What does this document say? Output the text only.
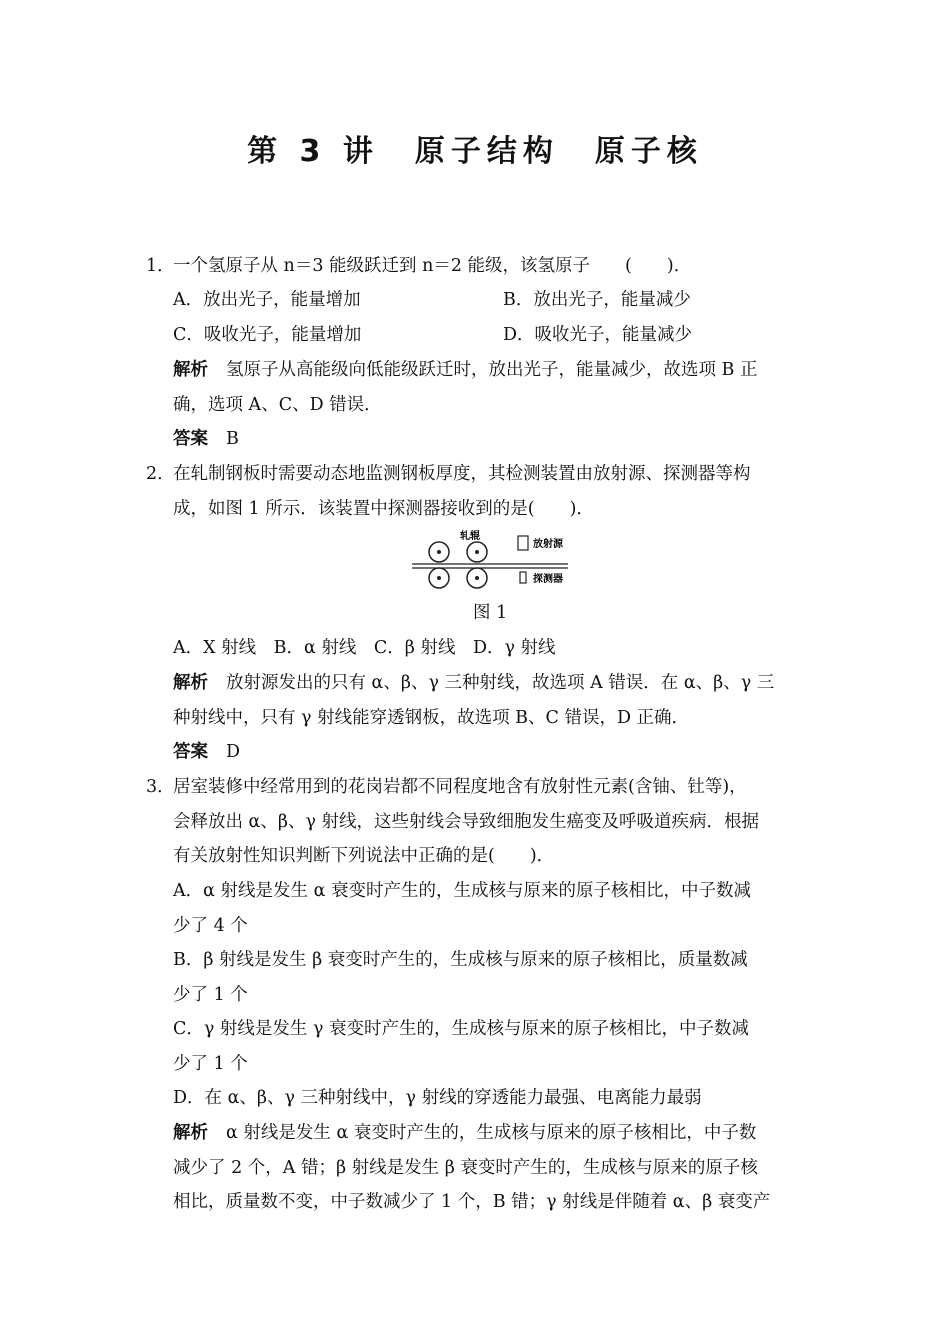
第 3 讲　原子结构　原子核
1．
一个氢原子从 n＝3 能级跃迁到 n＝2 能级，该氢原子　　(　　)．
A．放出光子，能量增加	B．放出光子，能量减少
C．吸收光子，能量增加	D．吸收光子，能量减少
解析 氢原子从高能级向低能级跃迁时，放出光子，能量减少，故选项 B 正
确，选项 A、C、D 错误．
答案 B
2．
在轧制钢板时需要动态地监测钢板厚度，其检测装置由放射源、探测器等构
成，如图 1 所示．该装置中探测器接收到的是(　　)．
轧辊
放射源
探测器
图 1
A．X 射线　B．α 射线　C．β 射线　D．γ 射线
解析 放射源发出的只有 α、β、γ 三种射线，故选项 A 错误．在 α、β、γ 三
种射线中，只有 γ 射线能穿透钢板，故选项 B、C 错误，D 正确．
答案 D
3．
居室装修中经常用到的花岗岩都不同程度地含有放射性元素(含铀、钍等)，
会释放出 α、β、γ 射线，这些射线会导致细胞发生癌变及呼吸道疾病．根据
有关放射性知识判断下列说法中正确的是(　　)．
A．α 射线是发生 α 衰变时产生的，生成核与原来的原子核相比，中子数减
少了 4 个
B．β 射线是发生 β 衰变时产生的，生成核与原来的原子核相比，质量数减
少了 1 个
C．γ 射线是发生 γ 衰变时产生的，生成核与原来的原子核相比，中子数减
少了 1 个
D．在 α、β、γ 三种射线中，γ 射线的穿透能力最强、电离能力最弱
解析 α 射线是发生 α 衰变时产生的，生成核与原来的原子核相比，中子数
减少了 2 个，A 错；β 射线是发生 β 衰变时产生的，生成核与原来的原子核
相比，质量数不变，中子数减少了 1 个，B 错；γ 射线是伴随着 α、β 衰变产
